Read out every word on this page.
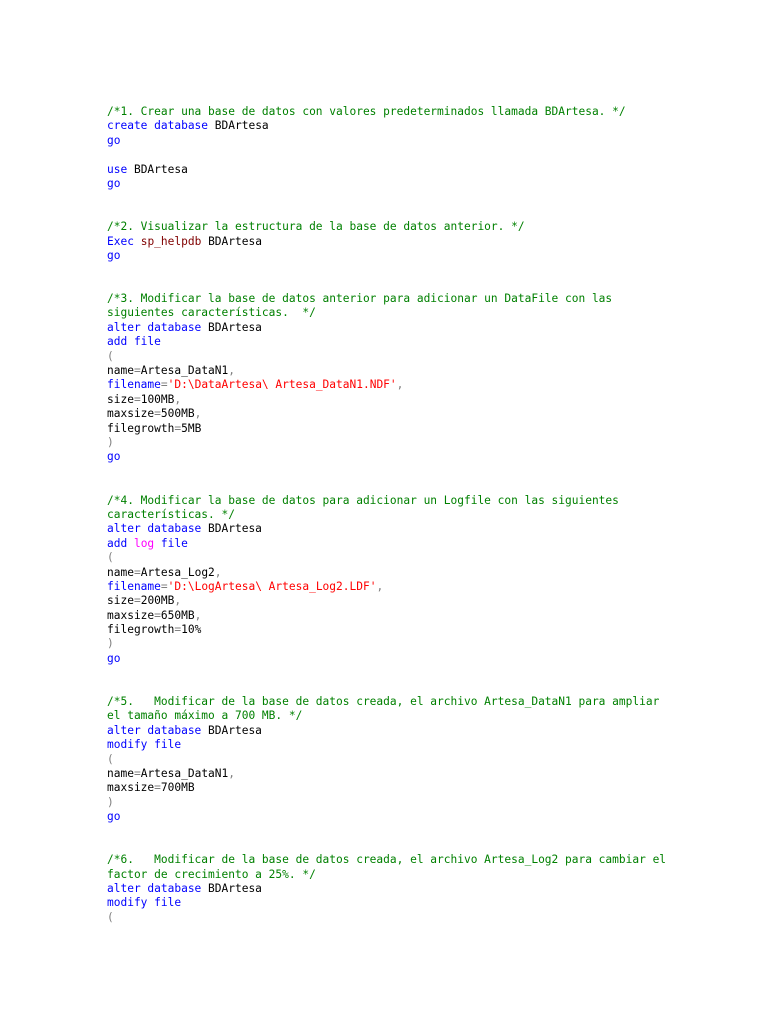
/*1. Crear una base de datos con valores predeterminados llamada BDArtesa. */
create database BDArtesa
go
use BDArtesa
go
/*2. Visualizar la estructura de la base de datos anterior. */
Exec sp_helpdb BDArtesa
go
/*3. Modificar la base de datos anterior para adicionar un DataFile con las
siguientes características.  */
alter database BDArtesa
add file
(
name=Artesa_DataN1,
filename='D:\DataArtesa\ Artesa_DataN1.NDF',
size=100MB,
maxsize=500MB,
filegrowth=5MB
)
go
/*4. Modificar la base de datos para adicionar un Logfile con las siguientes
características. */
alter database BDArtesa
add log file
(
name=Artesa_Log2,
filename='D:\LogArtesa\ Artesa_Log2.LDF',
size=200MB,
maxsize=650MB,
filegrowth=10%
)
go
/*5.   Modificar de la base de datos creada, el archivo Artesa_DataN1 para ampliar
el tamaño máximo a 700 MB. */
alter database BDArtesa
modify file
(
name=Artesa_DataN1,
maxsize=700MB
)
go
/*6.   Modificar de la base de datos creada, el archivo Artesa_Log2 para cambiar el
factor de crecimiento a 25%. */
alter database BDArtesa
modify file
(
